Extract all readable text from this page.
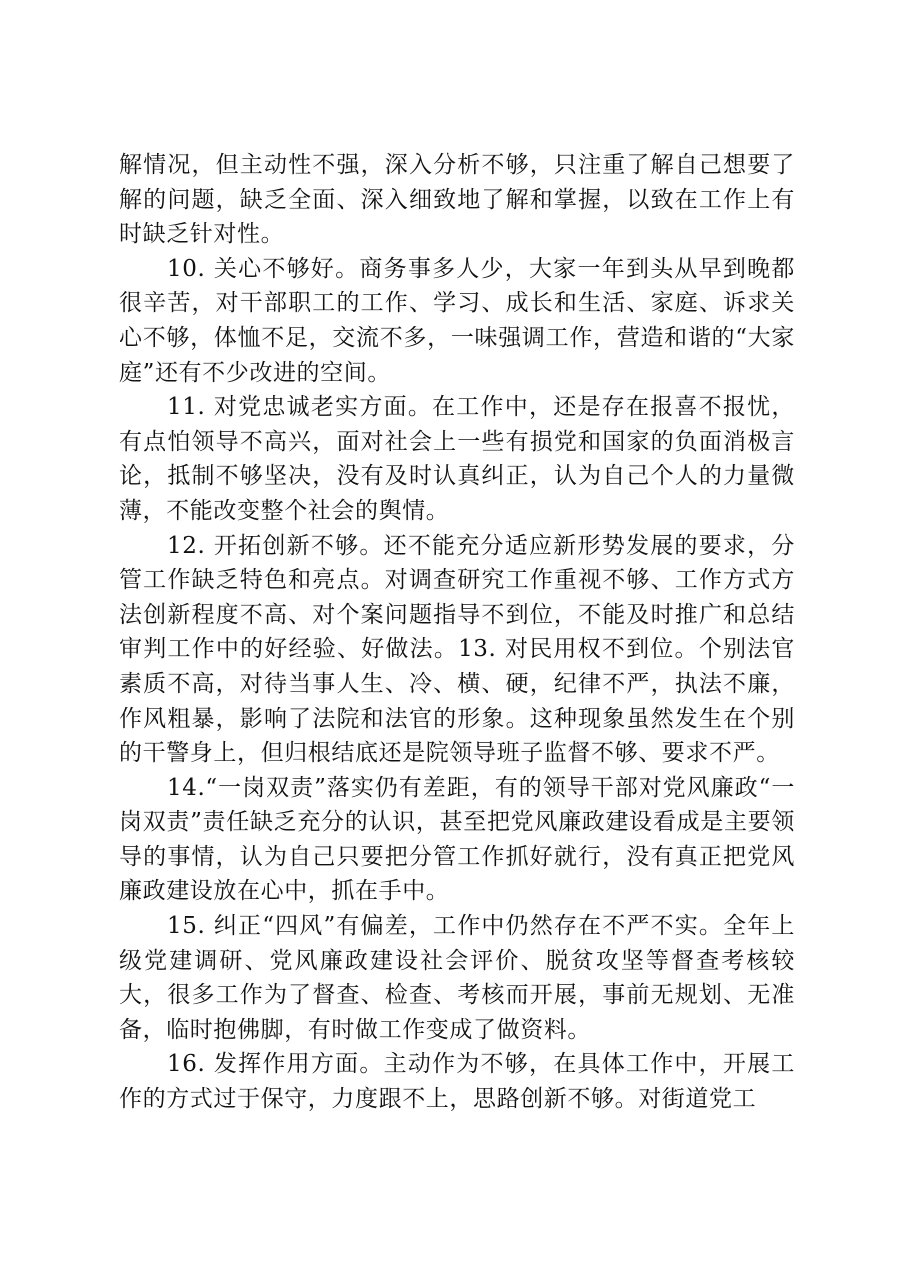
解情况，但主动性不强，深入分析不够，只注重了解自己想要了解的问题，缺乏全面、深入细致地了解和掌握，以致在工作上有时缺乏针对性。

10. 关心不够好。商务事多人少，大家一年到头从早到晚都很辛苦，对干部职工的工作、学习、成长和生活、家庭、诉求关心不够，体恤不足，交流不多，一味强调工作，营造和谐的“大家庭”还有不少改进的空间。

11. 对党忠诚老实方面。在工作中，还是存在报喜不报忧，有点怕领导不高兴，面对社会上一些有损党和国家的负面消极言论，抵制不够坚决，没有及时认真纠正，认为自己个人的力量微薄，不能改变整个社会的舆情。

12. 开拓创新不够。还不能充分适应新形势发展的要求，分管工作缺乏特色和亮点。对调查研究工作重视不够、工作方式方法创新程度不高、对个案问题指导不到位，不能及时推广和总结审判工作中的好经验、好做法。13. 对民用权不到位。个别法官素质不高，对待当事人生、冷、横、硬，纪律不严，执法不廉，作风粗暴，影响了法院和法官的形象。这种现象虽然发生在个别的干警身上，但归根结底还是院领导班子监督不够、要求不严。

14.“一岗双责”落实仍有差距，有的领导干部对党风廉政“一岗双责”责任缺乏充分的认识，甚至把党风廉政建设看成是主要领导的事情，认为自己只要把分管工作抓好就行，没有真正把党风廉政建设放在心中，抓在手中。

15. 纠正“四风”有偏差，工作中仍然存在不严不实。全年上级党建调研、党风廉政建设社会评价、脱贫攻坚等督查考核较大，很多工作为了督查、检查、考核而开展，事前无规划、无准备，临时抱佛脚，有时做工作变成了做资料。

16. 发挥作用方面。主动作为不够，在具体工作中，开展工作的方式过于保守，力度跟不上，思路创新不够。对街道党工
